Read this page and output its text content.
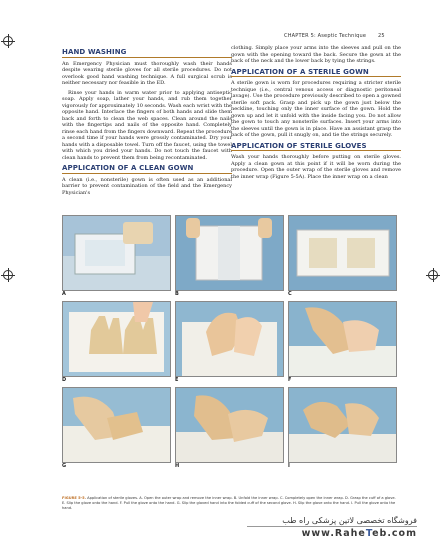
CHAPTER 5: Aseptic Technique 25
HAND WASHING

An Emergency Physician must thoroughly wash their hands despite wearing sterile gloves for all sterile procedures. Do not overlook good hand washing technique. A full surgical scrub is neither necessary nor feasible in the ED.

Rinse your hands in warm water prior to applying antiseptic soap. Apply soap, lather your hands, and rub them together vigorously for approximately 10 seconds. Wash each wrist with the opposite hand. Interlace the fingers of both hands and slide them back and forth to clean the web spaces. Clean around the nails with the fingertips and nails of the opposite hand. Completely rinse each hand from the fingers downward. Repeat the procedure a second time if your hands were grossly contaminated. Dry your hands with a disposable towel. Turn off the faucet, using the towel with which you dried your hands. Do not touch the faucet with clean hands to prevent them from being recontaminated.

APPLICATION OF A CLEAN GOWN

A clean (i.e., nonsterile) gown is often used as an additional barrier to prevent contamination of the field and the Emergency Physician's

clothing. Simply place your arms into the sleeves and pull on the gown with the opening toward the back. Secure the gown at the back of the neck and the lower back by tying the strings.

APPLICATION OF A STERILE GOWN

A sterile gown is worn for procedures requiring a stricter sterile technique (i.e., central venous access or diagnostic peritoneal lavage). Use the procedure previously described to open a gowned sterile soft pack. Grasp and pick up the gown just below the neckline, touching only the inner surface of the gown. Hold the gown up and let it unfold with the inside facing you. Do not allow the gown to touch any nonsterile surfaces. Insert your arms into the sleeves until the gown is in place. Have an assistant grasp the back of the gown, pull it snugly on, and tie the strings securely.

APPLICATION OF STERILE GLOVES

Wash your hands thoroughly before putting on sterile gloves. Apply a clean gown at this point if it will be worn during the procedure. Open the outer wrap of the sterile gloves and remove the inner wrap (Figure 5-5A). Place the inner wrap on a clean

A	B	C
D	E	F
G	H	I
FIGURE 5-5. Application of sterile gloves. A. Open the outer wrap and remove the inner wrap. B. Unfold the inner wrap. C. Completely open the inner wrap. D. Grasp the cuff of a glove. E. Slip the glove onto the hand. F. Pull the glove onto the hand. G. Slip the gloved hand into the folded cuff of the second glove. H. Slip the glove onto the hand. I. Pull the glove onto the hand.
فروشگاه تخصصی لاتین پزشکی راه طب
www.RaheTeb.com
